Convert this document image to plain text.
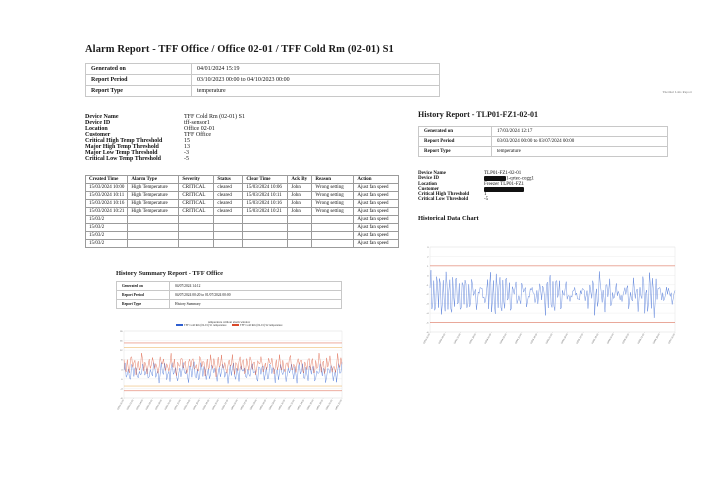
Thermal Labs Report
Alarm Report - TFF Office / Office 02-01 / TFF Cold Rm (02-01) S1
Generated on	04/01/2024 15:19
Report Period	03/10/2023 00:00 to 04/10/2023 00:00
Report Type	temperature
Device Name	TFF Cold Rm (02-01) S1
Device ID	tff-sensor1
Location	Office 02-01
Customer	TFF Office
Critical High Temp Threshold	15
Major High Temp Threshold	13
Major Low Temp Threshold	-3
Critical Low Temp Threshold	-5
Created Time	Alarm Type	Severity	Status	Clear Time	Ack By	Reason	Action
15/03/2024 10:00	High Temperature	CRITICAL	cleared	15/03/2024 10:06	John	Wrong setting	Ajust fan speed
15/03/2024 10:11	High Temperature	CRITICAL	cleared	15/03/2024 10:11	John	Wrong setting	Ajust fan speed
15/03/2024 10:16	High Temperature	CRITICAL	cleared	15/03/2024 10:16	John	Wrong setting	Ajust fan speed
15/03/2024 10:21	High Temperature	CRITICAL	cleared	15/03/2024 10:21	John	Wrong setting	Ajust fan speed
15/03/2							Ajust fan speed
15/03/2							Ajust fan speed
15/03/2							Ajust fan speed
15/03/2							Ajust fan speed
History Report - TLP01-FZ1-02-01
Generated on	17/03/2024 12:17
Report Period	03/03/2024 00:00 to 03/07/2024 00:00
Report Type	temperature
Device Name	TLP01-FZ1-02-01
Device ID	1-qrtec-cogg1
Location	Freezer TLP01-FZ1
Customer	
Critical High Threshold	1
Critical Low Threshold	-5
Historical Data Chart
History Summary Report - TFF Office
Generated on	04/07/2024 14:12
Report Period	04/07/2024 00:20 to 01/07/2024 00:00
Report Type	History Summary
temperature without alarm window
TFF Cold Rm (02-01) S1 temperature	TFF Cold Rm (02-01) S2 temperature
20
16
12
8
4
0
-4
-8
03/10 00:00 03/10 02:00 03/10 04:00 03/10 06:00 03/10 08:00 03/10 10:00 03/10 12:00 03/10 14:00 03/10 16:00 03/10 18:00 03/10 20:00 03/10 22:00 04/10 00:00 04/10 02:00 04/10 04:00 04/10 06:00 04/10 08:00 04/10 10:00 04/10 12:00 04/10 14:00 04/10 16:00 04/10 18:00 04/10 20:00 04/10 22:00
3
2
1
0
-1
-2
-3
-4
-5
-6
03/03 00:00	03/03 06:00	03/03 12:00	03/03 18:00	03/04 00:00	03/04 06:00	03/04 12:00	03/04 18:00	03/05 00:00	03/05 06:00	03/05 12:00	03/05 18:00	03/06 00:00	03/06 06:00	03/06 12:00	03/06 18:00	03/07 00:00
